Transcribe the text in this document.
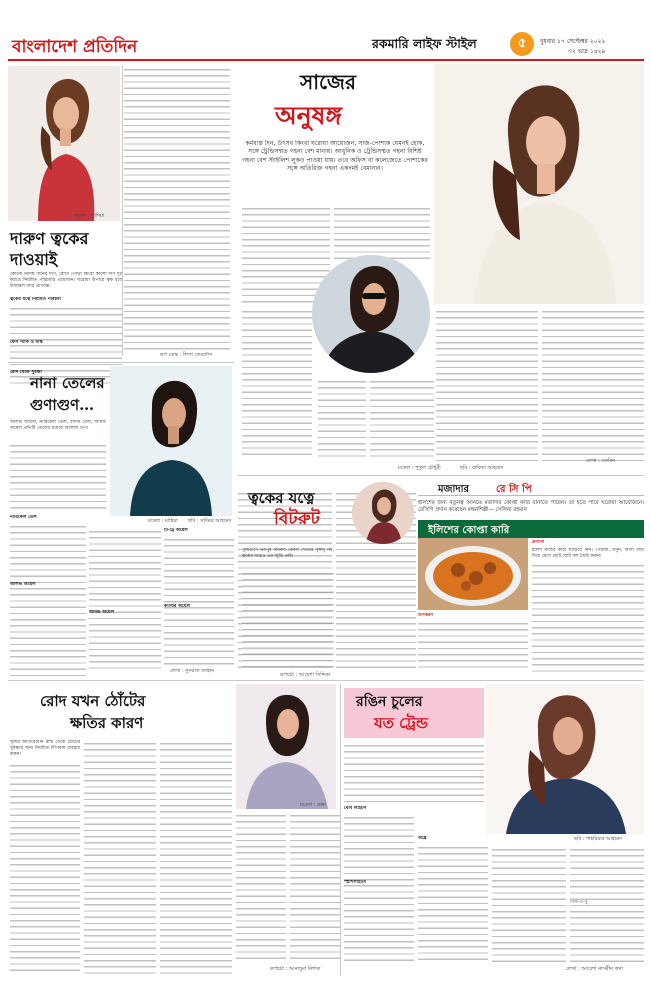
বাংলাদেশ প্রতিদিন	রকমারি লাইফ স্টাইল	৫ বুধবার ১৭ সেপ্টেম্বর ২০২২
৩২ ভাদ্র ১৪২৯
মডেল : সাদিয়া
দারুণ ত্বকের দাওয়াই
কোনো নির্দিষ্ট দিনের দাগ, রোদে পোড়া কিংবা কালো দাগ দূর করতে নিয়মিত পরিচর্যার প্রয়োজন। ঘরোয়া উপায়ে ত্বক হবে উজ্জ্বল আর প্রাণবন্ত।
ত্বকের যত্নে নিয়মিত পরিচর্যা
ফেস প্যাক ও মাস্ক
রোদ থেকে সুরক্ষা
রূপ ডেস্ক : লিপা ফেরদৌস
নানা তেলের গুণাগুণ…
মডেল : মাহিয়া	ছবি : সাব্বির আহমেদ
অলিভ অয়েল, নারিকেল তেল, বাদাম তেল, আমন্ড অয়েল প্রতিটি তেলের রয়েছে আলাদা গুণ।
নারিকেল তেল
অলিভ অয়েল
আমন্ড অয়েল
টি-ট্রি অয়েল
ক্যাস্টর অয়েল
লেখা : নুসরাত জাহান
সাজের
অনুষঙ্গ
কর্মব্যস্ত দিন, উৎসব কিংবা ঘরোয়া আয়োজন, সাজ-পোশাক যেমনই হোক, সঙ্গে ট্রেন্ডিসম্মত গহনা বেশ মানায়। আধুনিক ও ট্রেন্ডিসম্মত গহনা বিশিষ্ট গহনা বেশ স্টাইলিশ লুকও পাওয়া যায়। তবে অফিস বা কলেজেতে পোশাকের সঙ্গে অতিরিক্ত গহনা একদমই বেমানান।
মডেল : পুতুল চৌধুরী	ছবি : রাফিয়া আহমেদ
লেখা : জেরিন
ত্বকের যত্নে
বিটরুট
পুষ্টিগুণে ভরপুর বিটরুট কেবল খেতেই সুস্বাদু নয়, ত্বকের যত্নেও এর জুড়ি নেই।
রূপচর্চা : আয়েশা সিদ্দিকা
মজাদার	রে সি পি
ইলিশের জন্য নতুনত্ব আনতে মজাদার কোপ্তা কারি বানাতে পারেন। তা হতে পারে ঘরোয়া আয়োজনে। রেসিপি প্রদান করেছেন রন্ধনশিল্পী— সেলিনা রহমান
ইলিশের কোপ্তা কারি
উপকরণ
প্রণালি
ইলিশ মাছের কাঁটা ছাড়িয়ে নিন। পেঁয়াজ, রসুন, আদা বাটা দিয়ে মেখে ছোট ছোট বল তৈরি করুন।
রোদ যখন ঠোঁটের
ক্ষতির কারণ
মডেল : প্রভা
সূর্যের অতিবেগুনি রশ্মি থেকে ঠোঁটের সুরক্ষার জন্য নিয়মিত লিপবাম ব্যবহার করুন।
রূপচর্চা : আনজুমা নিশাত
রঙিন চুলের
যত ট্রেন্ড
ছবি : শাহরিয়ার আহমেদ
বেবি লাইটস
স্প্লাশলাইটস
অম্ব্রে
লেখা : আয়েশা নাসরীন কথা
